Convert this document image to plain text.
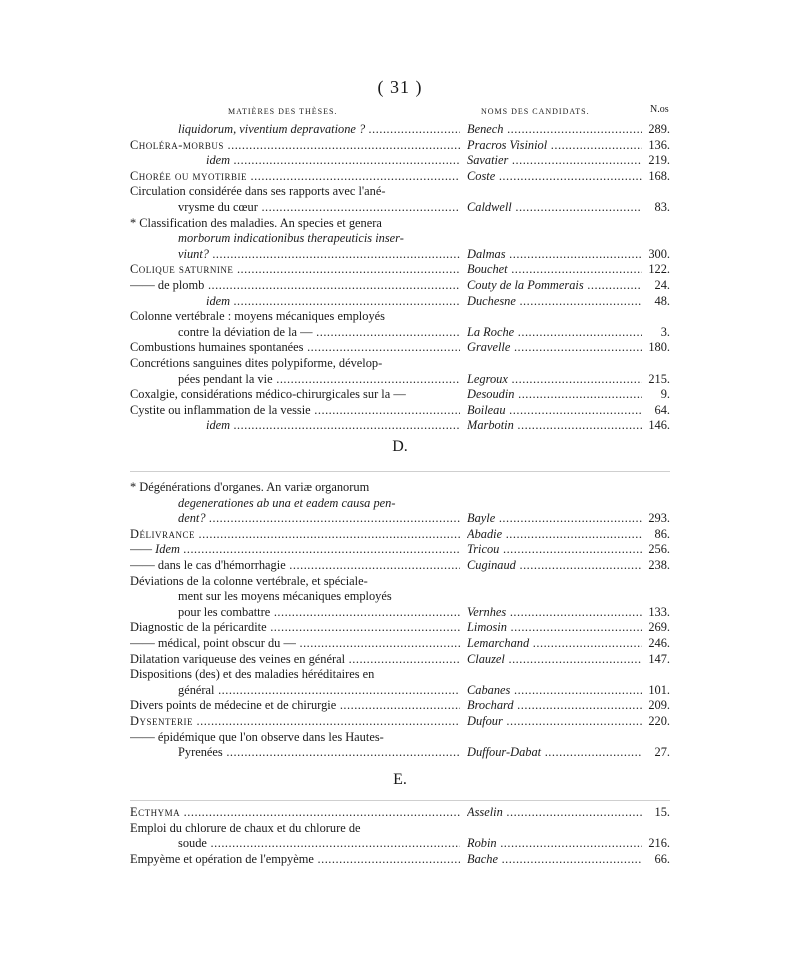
( 31 )
MATIÈRES DES THÈSES.	NOMS DES CANDIDATS.	N.os
liquidorum, viventium depravatione ? .....	Benech .....	289.
Choléra-morbus .....	Pracros Visiniol .....	136.
idem .....	Savatier .....	219.
Chorée ou myotirbie .....	Coste .....	168.
Circulation considérée dans ses rapports avec l'ané-
vrysme du cœur .....	Caldwell .....	83.
* Classification des maladies. An species et genera
morborum indicationibus therapeuticis inser-
viunt? .....	Dalmas .....	300.
Colique saturnine .....	Bouchet .....	122.
—— de plomb .....	Couty de la Pommerais .....	24.
idem .....	Duchesne .....	48.
Colonne vertébrale : moyens mécaniques employés
contre la déviation de la — .....	La Roche .....	3.
Combustions humaines spontanées .....	Gravelle .....	180.
Concrétions sanguines dites polypiforme, dévelop-
pées pendant la vie .....	Legroux .....	215.
Coxalgie, considérations médico-chirurgicales sur la —	Desoudin .....	9.
Cystite ou inflammation de la vessie .....	Boileau .....	64.
idem .....	Marbotin .....	146.
D.
* Dégénérations d'organes. An variæ organorum
degenerationes ab una et eadem causa pen-
dent? .....	Bayle .....	293.
Délivrance .....	Abadie .....	86.
—— Idem .....	Tricou .....	256.
—— dans le cas d'hémorrhagie .....	Cuginaud .....	238.
Déviations de la colonne vertébrale, et spéciale-
ment sur les moyens mécaniques employés
pour les combattre .....	Vernhes .....	133.
Diagnostic de la péricardite .....	Limosin .....	269.
—— médical, point obscur du — .....	Lemarchand .....	246.
Dilatation variqueuse des veines en général .....	Clauzel .....	147.
Dispositions (des) et des maladies héréditaires en
général .....	Cabanes .....	101.
Divers points de médecine et de chirurgie .....	Brochard .....	209.
Dysenterie .....	Dufour .....	220.
—— épidémique que l'on observe dans les Hautes-
Pyrenées .....	Duffour-Dabat .....	27.
E.
Ecthyma .....	Asselin .....	15.
Emploi du chlorure de chaux et du chlorure de
soude .....	Robin .....	216.
Empyème et opération de l'empyème .....	Bache .....	66.
